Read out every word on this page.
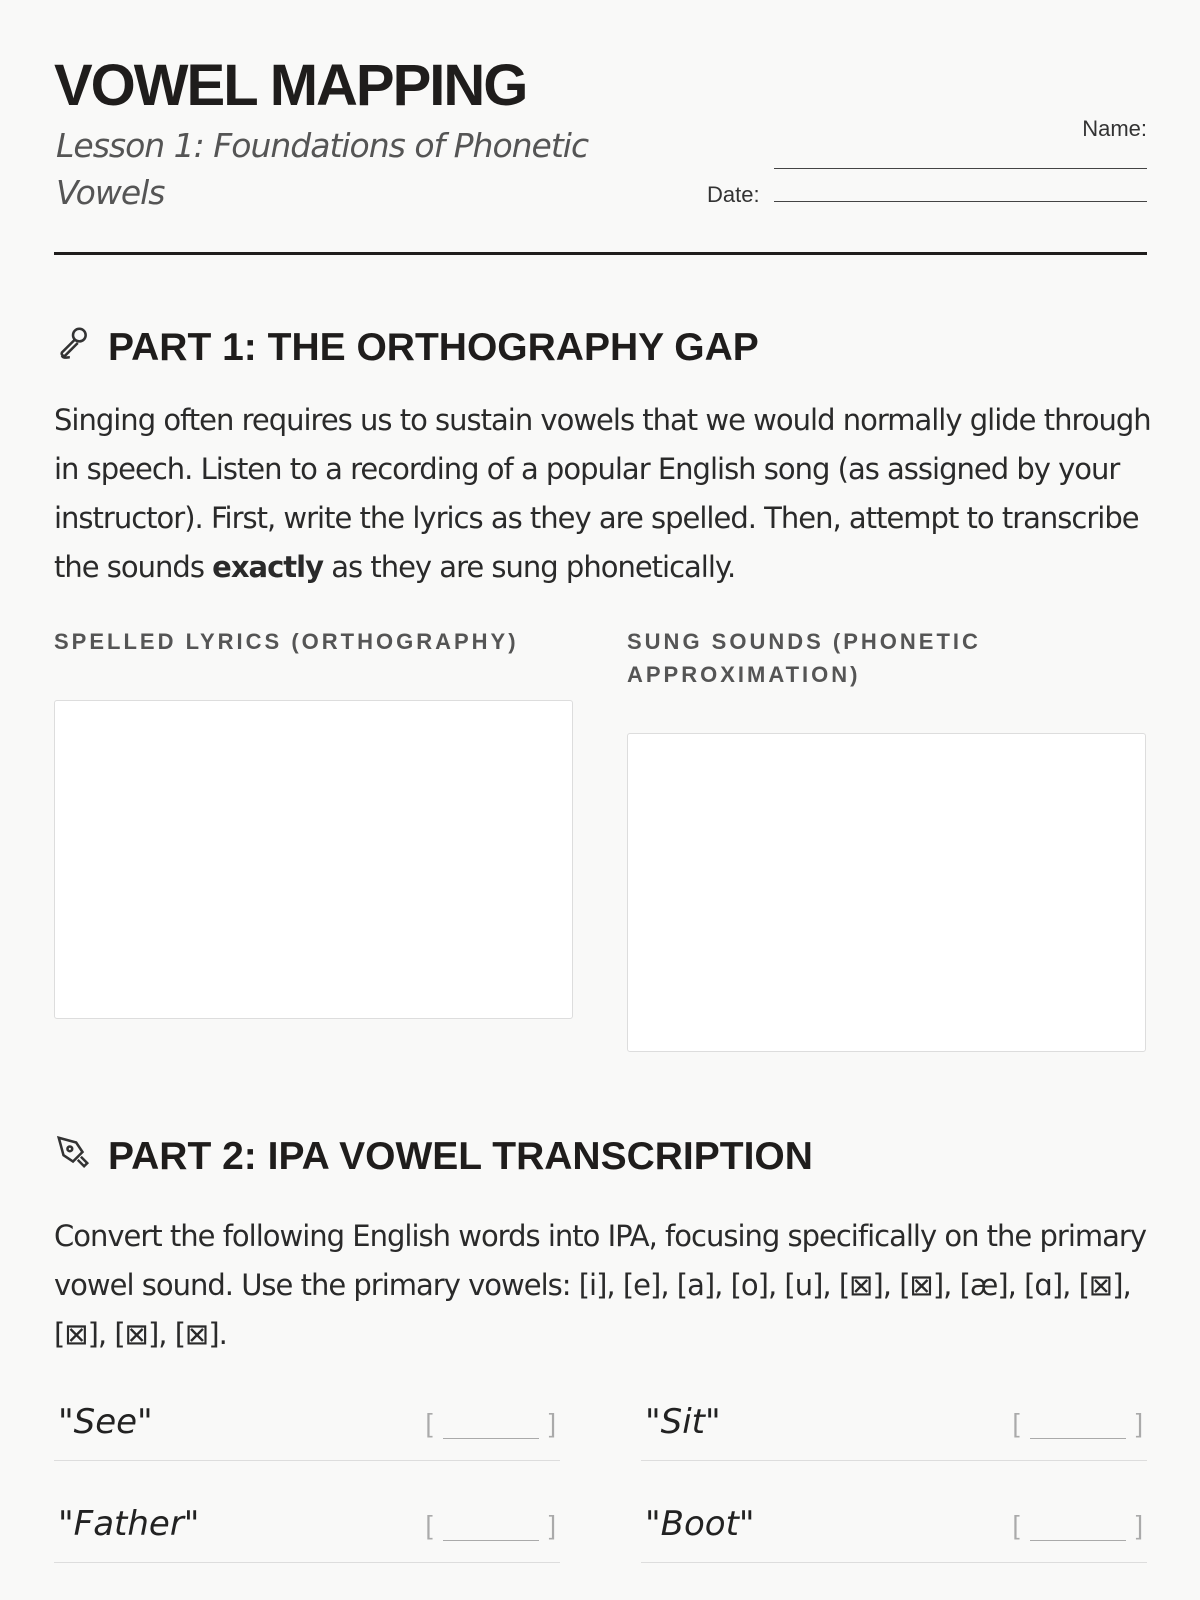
VOWEL MAPPING
Lesson 1: Foundations of Phonetic Vowels
Name:
Date:
PART 1: THE ORTHOGRAPHY GAP

Singing often requires us to sustain vowels that we would normally glide through in speech. Listen to a recording of a popular English song (as assigned by your instructor). First, write the lyrics as they are spelled. Then, attempt to transcribe the sounds exactly as they are sung phonetically.

SPELLED LYRICS (ORTHOGRAPHY)	SUNG SOUNDS (PHONETIC APPROXIMATION)
PART 2: IPA VOWEL TRANSCRIPTION

Convert the following English words into IPA, focusing specifically on the primary vowel sound. Use the primary vowels: [i], [e], [a], [o], [u], [⊠], [⊠], [æ], [ɑ], [⊠], [⊠], [⊠], [⊠].

"See"	[	]	"Sit"	[	]
"Father"	[	]	"Boot"	[	]
